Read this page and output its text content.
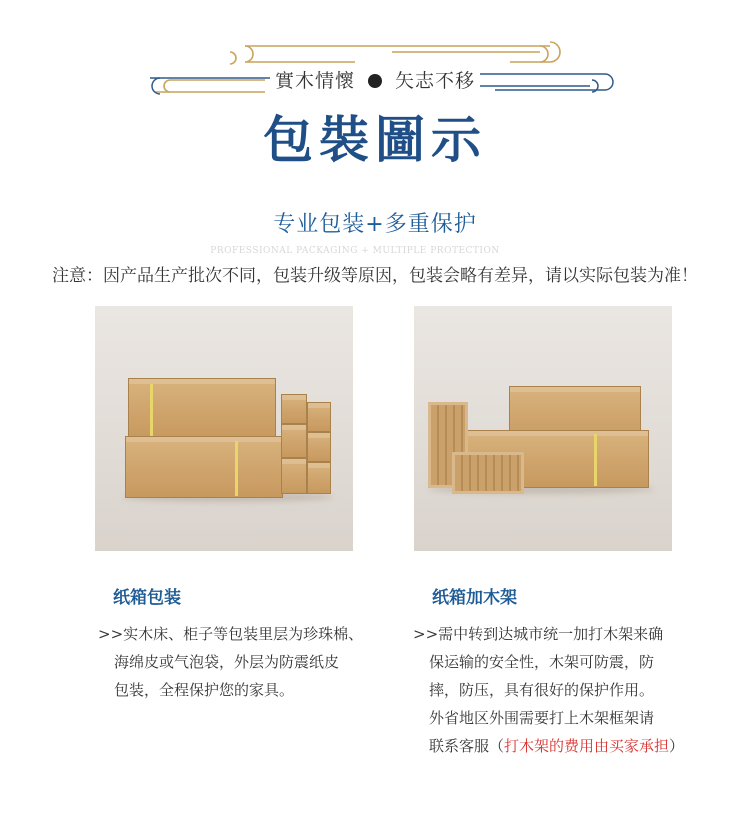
實木情懷 矢志不移
包裝圖示
专业包装+多重保护
PROFESSIONAL PACKAGING + MULTIPLE PROTECTION
注意：因产品生产批次不同，包装升级等原因，包装会略有差异，请以实际包装为准！
纸箱包装
>>实木床、柜子等包装里层为珍珠棉、
海绵皮或气泡袋，外层为防震纸皮
包装，全程保护您的家具。
纸箱加木架
>>需中转到达城市统一加打木架来确
保运输的安全性，木架可防震，防
摔，防压，具有很好的保护作用。
外省地区外围需要打上木架框架请
联系客服（打木架的费用由买家承担）
